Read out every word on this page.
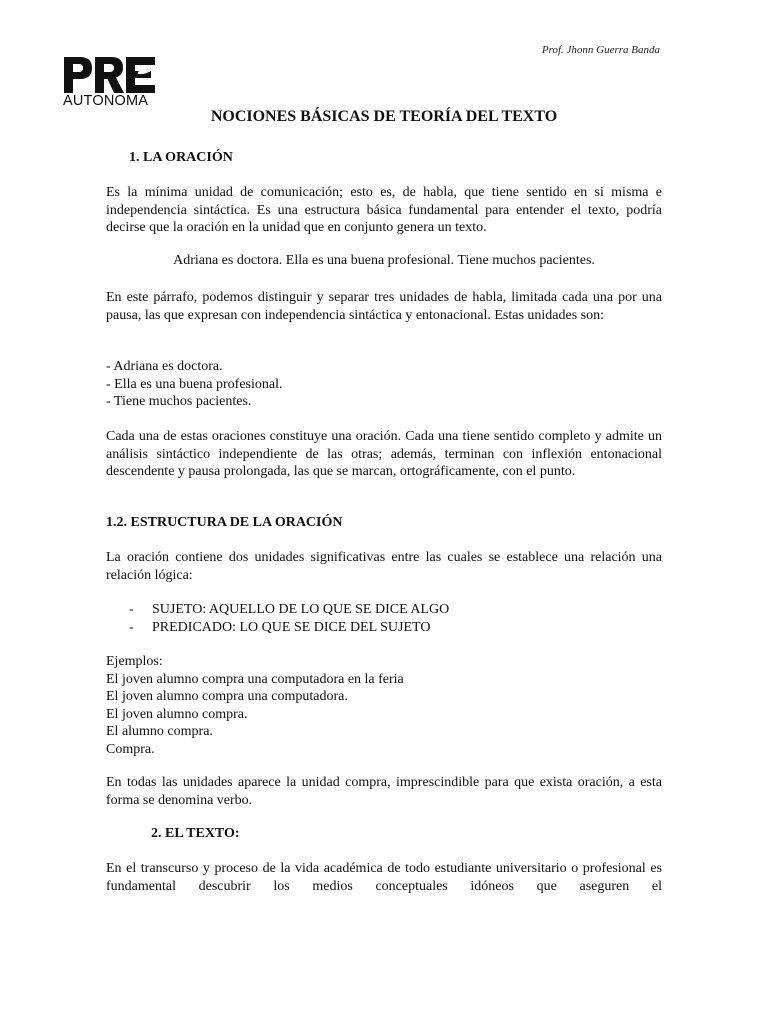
Prof. Jhonn Guerra Banda
AUTONOMA
NOCIONES BÁSICAS DE TEORÍA DEL TEXTO
1. LA ORACIÓN

Es la mínima unidad de comunicación; esto es, de habla, que tiene sentido en si misma e independencia sintáctica. Es una estructura básica fundamental para entender el texto, podría decirse que la oración en la unidad que en conjunto genera un texto.

Adriana es doctora. Ella es una buena profesional. Tiene muchos pacientes.

En este párrafo, podemos distinguir y separar tres unidades de habla, limitada cada una por una pausa, las que expresan con independencia sintáctica y entonacional. Estas unidades son:

- Adriana es doctora.
- Ella es una buena profesional.
- Tiene muchos pacientes.

Cada una de estas oraciones constituye una oración. Cada una tiene sentido completo y admite un análisis sintáctico independiente de las otras; además, terminan con inflexión entonacional descendente y pausa prolongada, las que se marcan, ortográficamente, con el punto.

1.2. ESTRUCTURA DE LA ORACIÓN

La oración contiene dos unidades significativas entre las cuales se establece una relación una relación lógica:

- SUJETO: AQUELLO DE LO QUE SE DICE ALGO
- PREDICADO: LO QUE SE DICE DEL SUJETO
Ejemplos:
El joven alumno compra una computadora en la feria
El joven alumno compra una computadora.
El joven alumno compra.
El alumno compra.
Compra.

En todas las unidades aparece la unidad compra, imprescindible para que exista oración, a esta forma se denomina verbo.

2. EL TEXTO:

En el transcurso y proceso de la vida académica de todo estudiante universitario o profesional es fundamental descubrir los medios conceptuales idóneos que aseguren el
